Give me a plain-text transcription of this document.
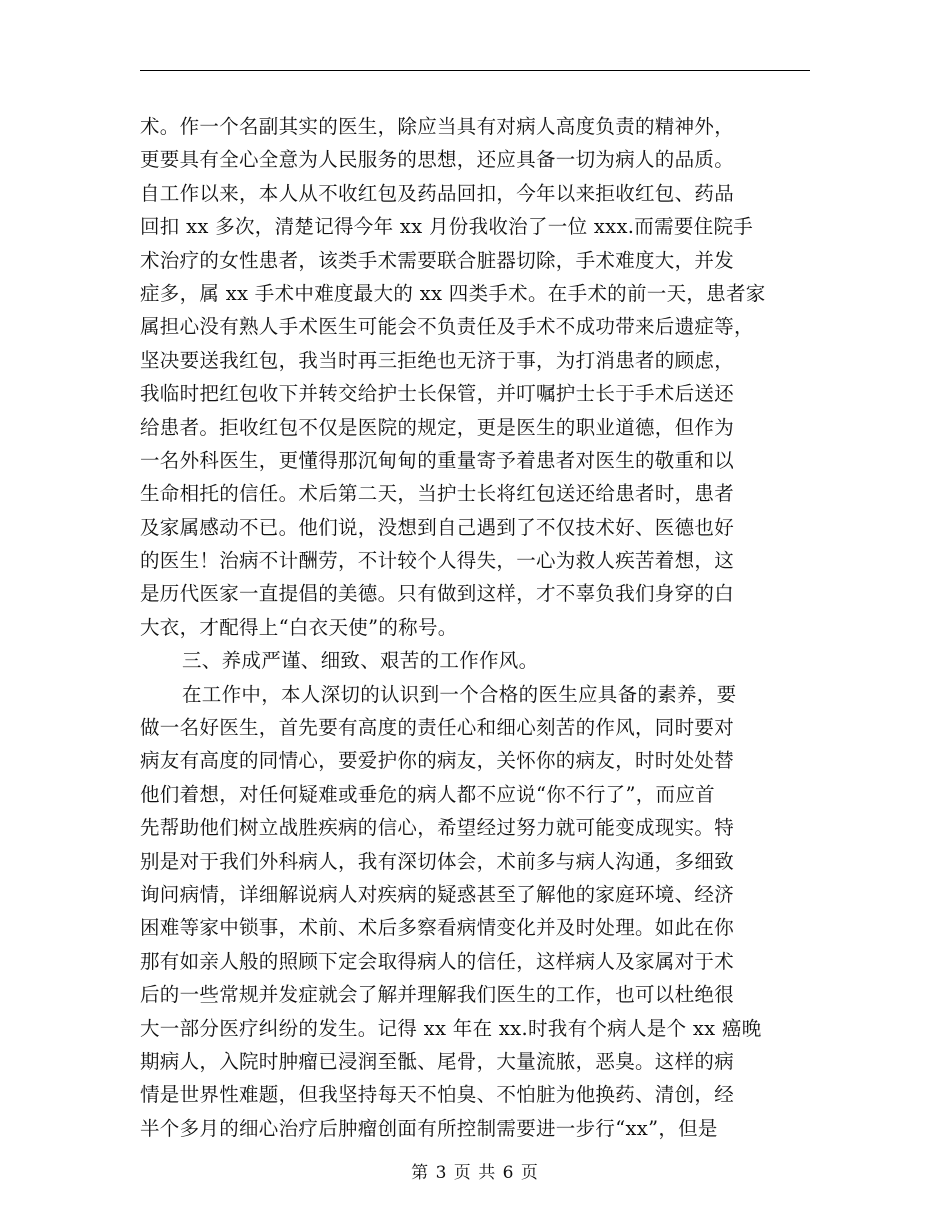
术。作一个名副其实的医生，除应当具有对病人高度负责的精神外，
更要具有全心全意为人民服务的思想，还应具备一切为病人的品质。
自工作以来，本人从不收红包及药品回扣，今年以来拒收红包、药品
回扣 xx 多次，清楚记得今年 xx 月份我收治了一位 xxx.而需要住院手
术治疗的女性患者，该类手术需要联合脏器切除，手术难度大，并发
症多，属 xx 手术中难度最大的 xx 四类手术。在手术的前一天，患者家
属担心没有熟人手术医生可能会不负责任及手术不成功带来后遗症等，
坚决要送我红包，我当时再三拒绝也无济于事，为打消患者的顾虑，
我临时把红包收下并转交给护士长保管，并叮嘱护士长于手术后送还
给患者。拒收红包不仅是医院的规定，更是医生的职业道德，但作为
一名外科医生，更懂得那沉甸甸的重量寄予着患者对医生的敬重和以
生命相托的信任。术后第二天，当护士长将红包送还给患者时，患者
及家属感动不已。他们说，没想到自己遇到了不仅技术好、医德也好
的医生！治病不计酬劳，不计较个人得失，一心为救人疾苦着想，这
是历代医家一直提倡的美德。只有做到这样，才不辜负我们身穿的白
大衣，才配得上“白衣天使”的称号。
三、养成严谨、细致、艰苦的工作作风。
在工作中，本人深切的认识到一个合格的医生应具备的素养，要
做一名好医生，首先要有高度的责任心和细心刻苦的作风，同时要对
病友有高度的同情心，要爱护你的病友，关怀你的病友，时时处处替
他们着想，对任何疑难或垂危的病人都不应说“你不行了”，而应首
先帮助他们树立战胜疾病的信心，希望经过努力就可能变成现实。特
别是对于我们外科病人，我有深切体会，术前多与病人沟通，多细致
询问病情，详细解说病人对疾病的疑惑甚至了解他的家庭环境、经济
困难等家中锁事，术前、术后多察看病情变化并及时处理。如此在你
那有如亲人般的照顾下定会取得病人的信任，这样病人及家属对于术
后的一些常规并发症就会了解并理解我们医生的工作，也可以杜绝很
大一部分医疗纠纷的发生。记得 xx 年在 xx.时我有个病人是个 xx 癌晚
期病人，入院时肿瘤已浸润至骶、尾骨，大量流脓，恶臭。这样的病
情是世界性难题，但我坚持每天不怕臭、不怕脏为他换药、清创，经
半个多月的细心治疗后肿瘤创面有所控制需要进一步行“xx”，但是
第 3 页 共 6 页
